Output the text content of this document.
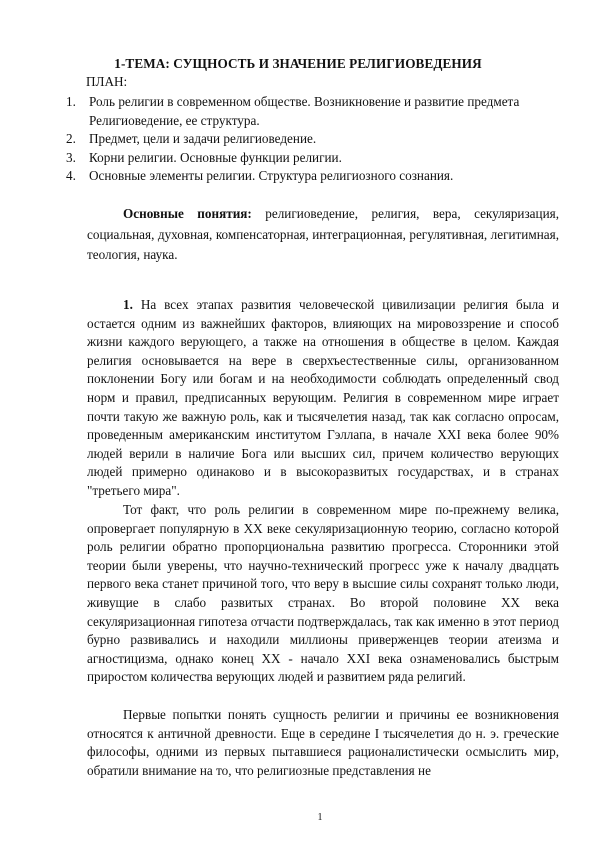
1-ТЕМА: СУЩНОСТЬ И ЗНАЧЕНИЕ РЕЛИГИОВЕДЕНИЯ
ПЛАН:
1. Роль религии в современном обществе. Возникновение и развитие предмета Религиоведение, ее структура.
2. Предмет, цели и задачи религиоведение.
3. Корни религии. Основные функции религии.
4. Основные элементы религии. Структура религиозного сознания.

Основные понятия: религиоведение, религия, вера, секуляризация, социальная, духовная, компенсаторная, интеграционная, регулятивная, легитимная, теология, наука.

1. На всех этапах развития человеческой цивилизации религия была и остается одним из важнейших факторов, влияющих на мировоззрение и способ жизни каждого верующего, а также на отношения в обществе в целом. Каждая религия основывается на вере в сверхъестественные силы, организованном поклонении Богу или богам и на необходимости соблюдать определенный свод норм и правил, предписанных верующим. Религия в современном мире играет почти такую же важную роль, как и тысячелетия назад, так как согласно опросам, проведенным американским институтом Гэллапа, в начале XXI века более 90% людей верили в наличие Бога или высших сил, причем количество верующих людей примерно одинаково и в высокоразвитых государствах, и в странах "третьего мира".

Тот факт, что роль религии в современном мире по-прежнему велика, опровергает популярную в XX веке секуляризационную теорию, согласно которой роль религии обратно пропорциональна развитию прогресса. Сторонники этой теории были уверены, что научно-технический прогресс уже к началу двадцать первого века станет причиной того, что веру в высшие силы сохранят только люди, живущие в слабо развитых странах. Во второй половине XX века секуляризационная гипотеза отчасти подтверждалась, так как именно в этот период бурно развивались и находили миллионы приверженцев теории атеизма и агностицизма, однако конец XX - начало XXI века ознаменовались быстрым приростом количества верующих людей и развитием ряда религий.

Первые попытки понять сущность религии и причины ее возникновения относятся к античной древности. Еще в середине I тысячелетия до н. э. греческие философы, одними из первых пытавшиеся рационалистически осмыслить мир, обратили внимание на то, что религиозные представления не

1
